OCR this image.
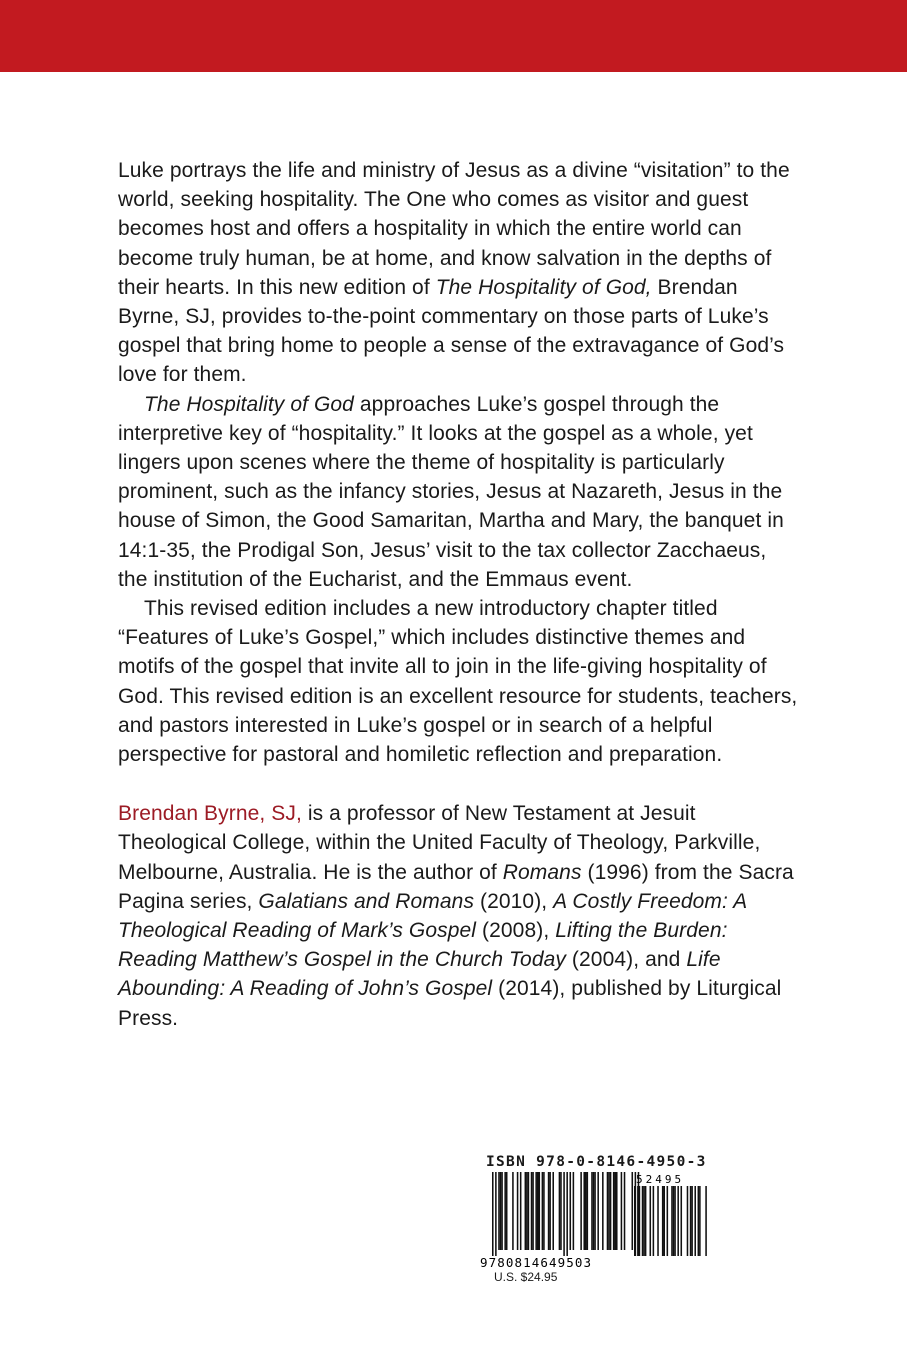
Luke portrays the life and ministry of Jesus as a divine “visitation” to the world, seeking hospitality. The One who comes as visitor and guest becomes host and offers a hospitality in which the entire world can become truly human, be at home, and know salvation in the depths of their hearts. In this new edition of The Hospitality of God, Brendan Byrne, SJ, provides to-the-point commentary on those parts of Luke’s gospel that bring home to people a sense of the extravagance of God’s love for them.

The Hospitality of God approaches Luke’s gospel through the interpretive key of “hospitality.” It looks at the gospel as a whole, yet lingers upon scenes where the theme of hospitality is particularly prominent, such as the infancy stories, Jesus at Nazareth, Jesus in the house of Simon, the Good Samaritan, Martha and Mary, the banquet in 14:1-35, the Prodigal Son, Jesus’ visit to the tax collector Zacchaeus, the institution of the Eucharist, and the Emmaus event.

This revised edition includes a new introductory chapter titled “Features of Luke’s Gospel,” which includes distinctive themes and motifs of the gospel that invite all to join in the life-giving hospitality of God. This revised edition is an excellent resource for students, teachers, and pastors interested in Luke’s gospel or in search of a helpful perspective for pastoral and homiletic reflection and preparation.

Brendan Byrne, SJ, is a professor of New Testament at Jesuit Theological College, within the United Faculty of Theology, Parkville, Melbourne, Australia. He is the author of Romans (1996) from the Sacra Pagina series, Galatians and Romans (2010), A Costly Freedom: A Theological Reading of Mark’s Gospel (2008), Lifting the Burden: Reading Matthew’s Gospel in the Church Today (2004), and Life Abounding: A Reading of John’s Gospel (2014), published by Liturgical Press.

ISBN 978-0-8146-4950-3
9780814649503
52495
U.S. $24.95
